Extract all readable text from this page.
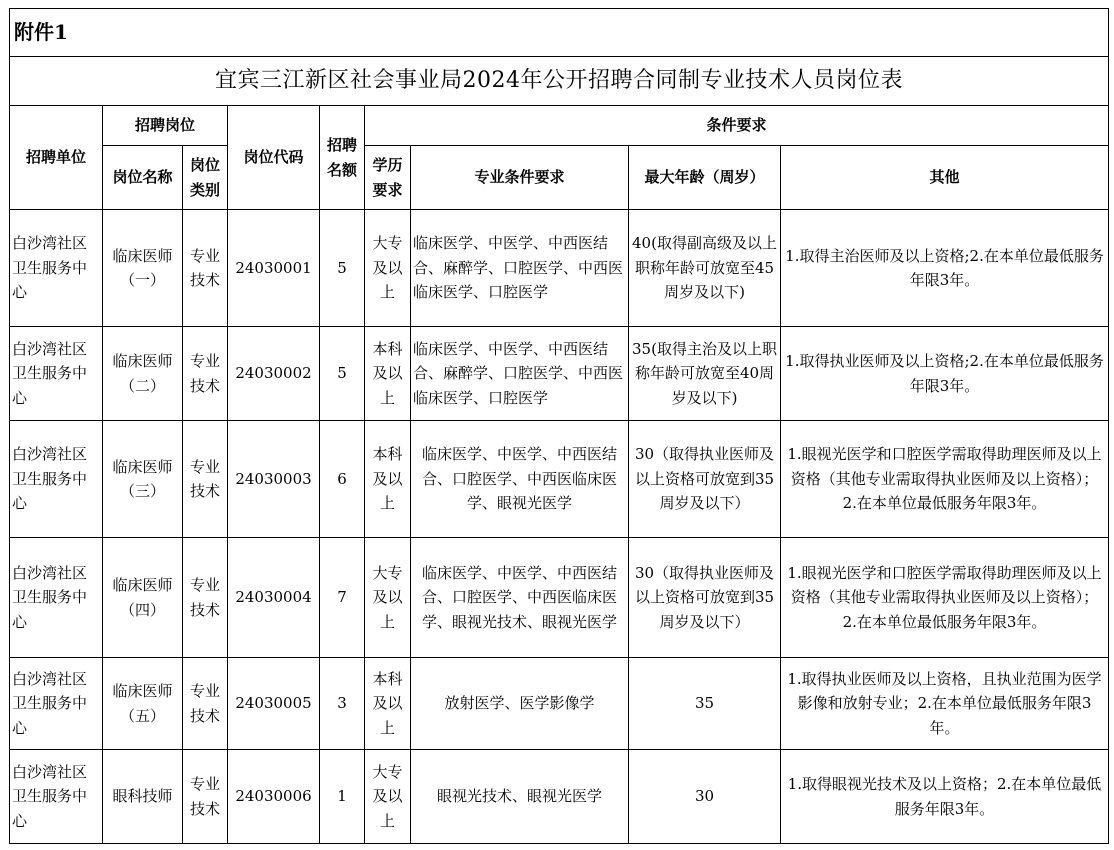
附件1								
宜宾三江新区社会事业局2024年公开招聘合同制专业技术人员岗位表								
招聘单位	招聘岗位		岗位代码	招聘名额	条件要求			
	岗位名称	岗位类别			学历要求	专业条件要求	最大年龄（周岁）	其他
白沙湾社区卫生服务中心	临床医师（一）	专业技术	24030001	5	大专及以上	临床医学、中医学、中西医结合、麻醉学、口腔医学、中西医临床医学、口腔医学	40(取得副高级及以上职称年龄可放宽至45周岁及以下)	1.取得主治医师及以上资格;2.在本单位最低服务年限3年。
白沙湾社区卫生服务中心	临床医师（二）	专业技术	24030002	5	本科及以上	临床医学、中医学、中西医结合、麻醉学、口腔医学、中西医临床医学、口腔医学	35(取得主治及以上职称年龄可放宽至40周岁及以下)	1.取得执业医师及以上资格;2.在本单位最低服务年限3年。
白沙湾社区卫生服务中心	临床医师（三）	专业技术	24030003	6	本科及以上	临床医学、中医学、中西医结合、口腔医学、中西医临床医学、眼视光医学	30（取得执业医师及以上资格可放宽到35周岁及以下）	1.眼视光医学和口腔医学需取得助理医师及以上资格（其他专业需取得执业医师及以上资格）；2.在本单位最低服务年限3年。
白沙湾社区卫生服务中心	临床医师（四）	专业技术	24030004	7	大专及以上	临床医学、中医学、中西医结合、口腔医学、中西医临床医学、眼视光技术、眼视光医学	30（取得执业医师及以上资格可放宽到35周岁及以下）	1.眼视光医学和口腔医学需取得助理医师及以上资格（其他专业需取得执业医师及以上资格）；2.在本单位最低服务年限3年。
白沙湾社区卫生服务中心	临床医师（五）	专业技术	24030005	3	本科及以上	放射医学、医学影像学	35	1.取得执业医师及以上资格，且执业范围为医学影像和放射专业；2.在本单位最低服务年限3年。
白沙湾社区卫生服务中心	眼科技师	专业技术	24030006	1	大专及以上	眼视光技术、眼视光医学	30	1.取得眼视光技术及以上资格；2.在本单位最低服务年限3年。
